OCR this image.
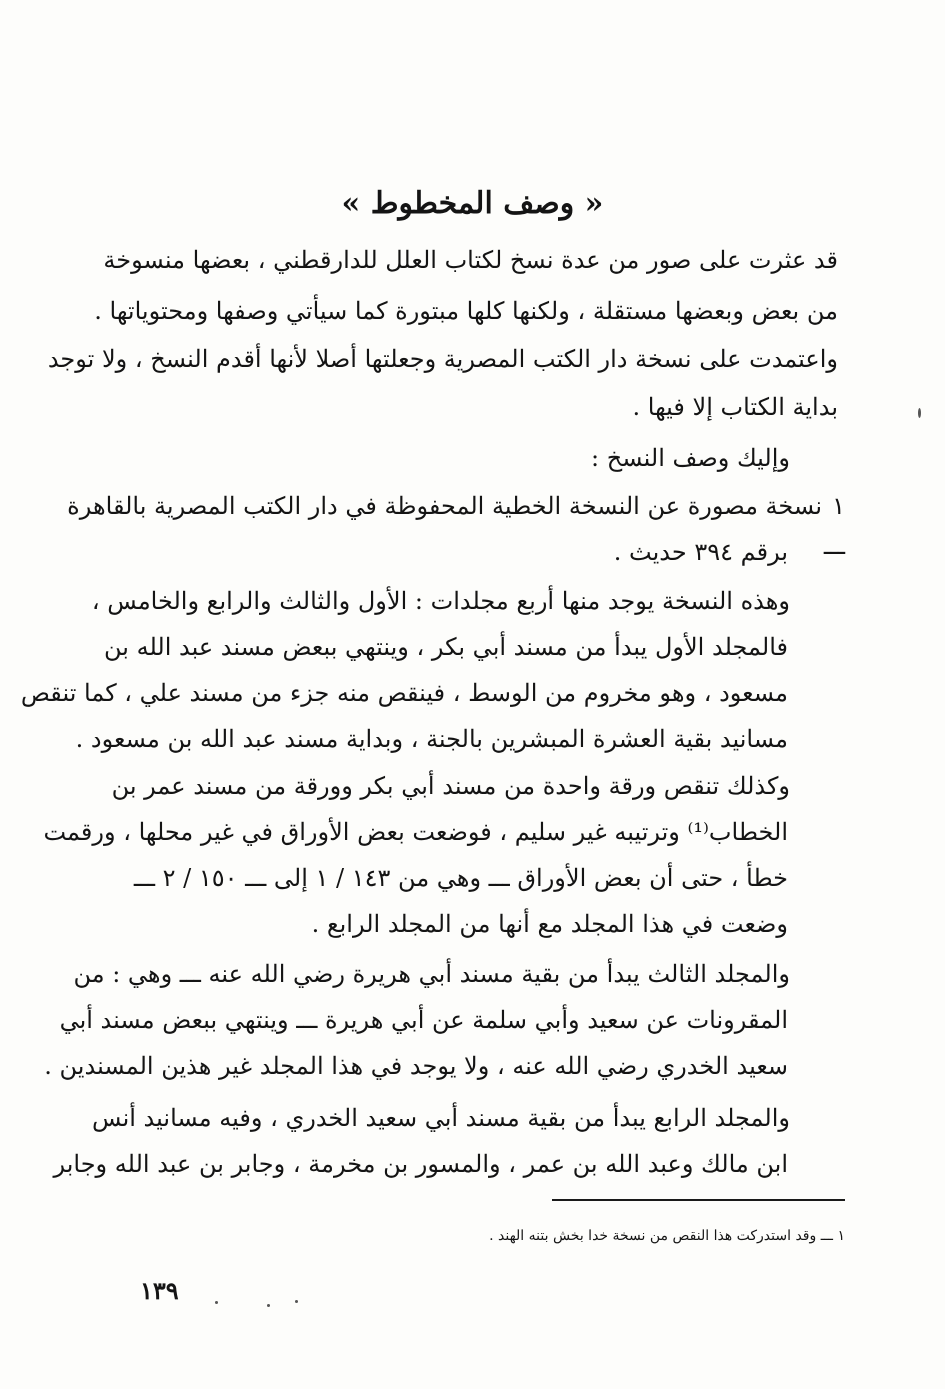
« وصف المخطوط »
قد عثرت على صور من عدة نسخ لكتاب العلل للدارقطني ، بعضها منسوخة
من بعض وبعضها مستقلة ، ولكنها كلها مبتورة كما سيأتي وصفها ومحتوياتها .
واعتمدت على نسخة دار الكتب المصرية وجعلتها أصلا لأنها أقدم النسخ ، ولا توجد
بداية الكتاب إلا فيها .
وإليك وصف النسخ :
١ ـــ
نسخة مصورة عن النسخة الخطية المحفوظة في دار الكتب المصرية بالقاهرة
برقم ٣٩٤ حديث .
وهذه النسخة يوجد منها أربع مجلدات : الأول والثالث والرابع والخامس ،
فالمجلد الأول يبدأ من مسند أبي بكر ، وينتهي ببعض مسند عبد الله بن
مسعود ، وهو مخروم من الوسط ، فينقص منه جزء من مسند علي ، كما تنقص
مسانيد بقية العشرة المبشرين بالجنة ، وبداية مسند عبد الله بن مسعود .
وكذلك تنقص ورقة واحدة من مسند أبي بكر وورقة من مسند عمر بن
الخطاب⁽¹⁾ وترتيبه غير سليم ، فوضعت بعض الأوراق في غير محلها ، ورقمت
خطأ ، حتى أن بعض الأوراق ـــ وهي من ١٤٣ / ١ إلى ـــ ١٥٠ / ٢ ـــ
وضعت في هذا المجلد مع أنها من المجلد الرابع .
والمجلد الثالث يبدأ من بقية مسند أبي هريرة رضي الله عنه ـــ وهي : من
المقرونات عن سعيد وأبي سلمة عن أبي هريرة ـــ وينتهي ببعض مسند أبي
سعيد الخدري رضي الله عنه ، ولا يوجد في هذا المجلد غير هذين المسندين .
والمجلد الرابع يبدأ من بقية مسند أبي سعيد الخدري ، وفيه مسانيد أنس
ابن مالك وعبد الله بن عمر ، والمسور بن مخرمة ، وجابر بن عبد الله وجابر
١ ـــ وقد استدركت هذا النقص من نسخة خدا بخش بتنه الهند .
١٣٩
